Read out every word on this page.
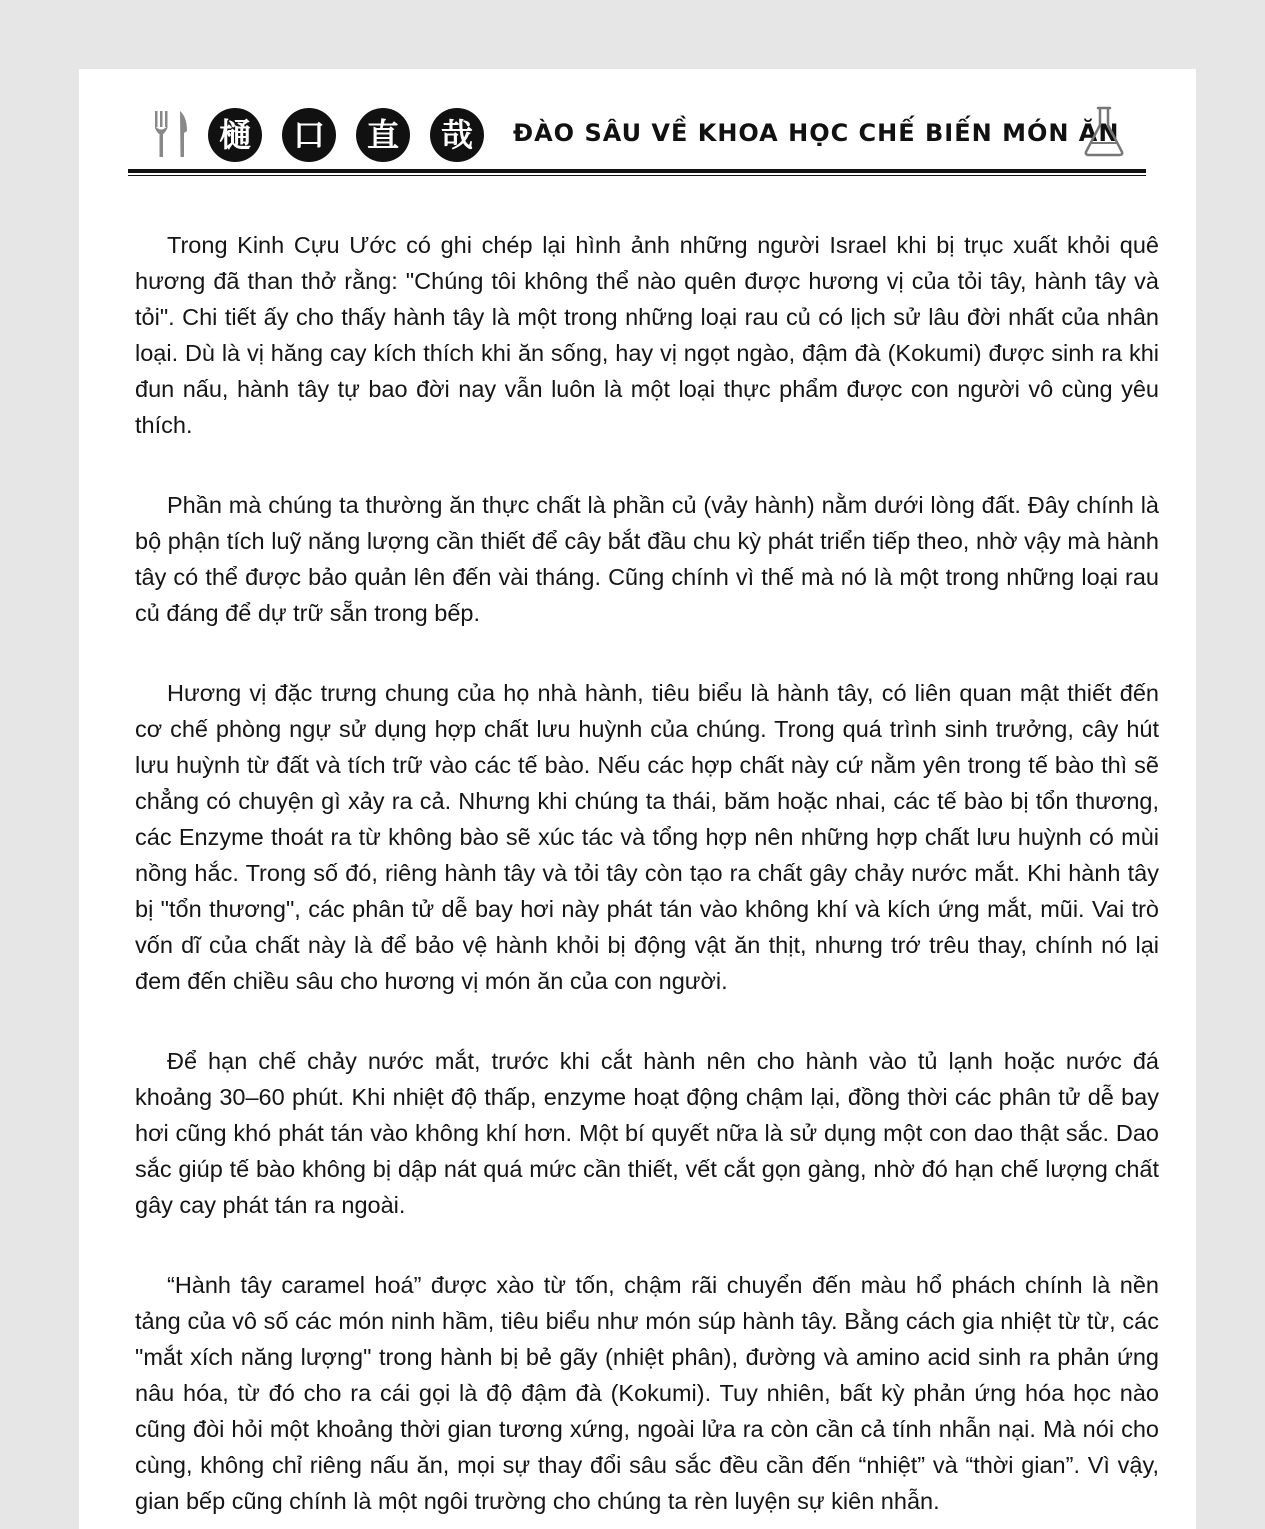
樋 口 直 哉 ĐÀO SÂU VỀ KHOA HỌC CHẾ BIẾN MÓN ĂN

Trong Kinh Cựu Ước có ghi chép lại hình ảnh những người Israel khi bị trục xuất khỏi quê hương đã than thở rằng: "Chúng tôi không thể nào quên được hương vị của tỏi tây, hành tây và tỏi". Chi tiết ấy cho thấy hành tây là một trong những loại rau củ có lịch sử lâu đời nhất của nhân loại. Dù là vị hăng cay kích thích khi ăn sống, hay vị ngọt ngào, đậm đà (Kokumi) được sinh ra khi đun nấu, hành tây tự bao đời nay vẫn luôn là một loại thực phẩm được con người vô cùng yêu thích.

Phần mà chúng ta thường ăn thực chất là phần củ (vảy hành) nằm dưới lòng đất. Đây chính là bộ phận tích luỹ năng lượng cần thiết để cây bắt đầu chu kỳ phát triển tiếp theo, nhờ vậy mà hành tây có thể được bảo quản lên đến vài tháng. Cũng chính vì thế mà nó là một trong những loại rau củ đáng để dự trữ sẵn trong bếp.

Hương vị đặc trưng chung của họ nhà hành, tiêu biểu là hành tây, có liên quan mật thiết đến cơ chế phòng ngự sử dụng hợp chất lưu huỳnh của chúng. Trong quá trình sinh trưởng, cây hút lưu huỳnh từ đất và tích trữ vào các tế bào. Nếu các hợp chất này cứ nằm yên trong tế bào thì sẽ chẳng có chuyện gì xảy ra cả. Nhưng khi chúng ta thái, băm hoặc nhai, các tế bào bị tổn thương, các Enzyme thoát ra từ không bào sẽ xúc tác và tổng hợp nên những hợp chất lưu huỳnh có mùi nồng hắc. Trong số đó, riêng hành tây và tỏi tây còn tạo ra chất gây chảy nước mắt. Khi hành tây bị "tổn thương", các phân tử dễ bay hơi này phát tán vào không khí và kích ứng mắt, mũi. Vai trò vốn dĩ của chất này là để bảo vệ hành khỏi bị động vật ăn thịt, nhưng trớ trêu thay, chính nó lại đem đến chiều sâu cho hương vị món ăn của con người.

Để hạn chế chảy nước mắt, trước khi cắt hành nên cho hành vào tủ lạnh hoặc nước đá khoảng 30–60 phút. Khi nhiệt độ thấp, enzyme hoạt động chậm lại, đồng thời các phân tử dễ bay hơi cũng khó phát tán vào không khí hơn. Một bí quyết nữa là sử dụng một con dao thật sắc. Dao sắc giúp tế bào không bị dập nát quá mức cần thiết, vết cắt gọn gàng, nhờ đó hạn chế lượng chất gây cay phát tán ra ngoài.

“Hành tây caramel hoá” được xào từ tốn, chậm rãi chuyển đến màu hổ phách chính là nền tảng của vô số các món ninh hầm, tiêu biểu như món súp hành tây. Bằng cách gia nhiệt từ từ, các "mắt xích năng lượng" trong hành bị bẻ gãy (nhiệt phân), đường và amino acid sinh ra phản ứng nâu hóa, từ đó cho ra cái gọi là độ đậm đà (Kokumi). Tuy nhiên, bất kỳ phản ứng hóa học nào cũng đòi hỏi một khoảng thời gian tương xứng, ngoài lửa ra còn cần cả tính nhẫn nại. Mà nói cho cùng, không chỉ riêng nấu ăn, mọi sự thay đổi sâu sắc đều cần đến “nhiệt” và “thời gian”. Vì vậy, gian bếp cũng chính là một ngôi trường cho chúng ta rèn luyện sự kiên nhẫn.
